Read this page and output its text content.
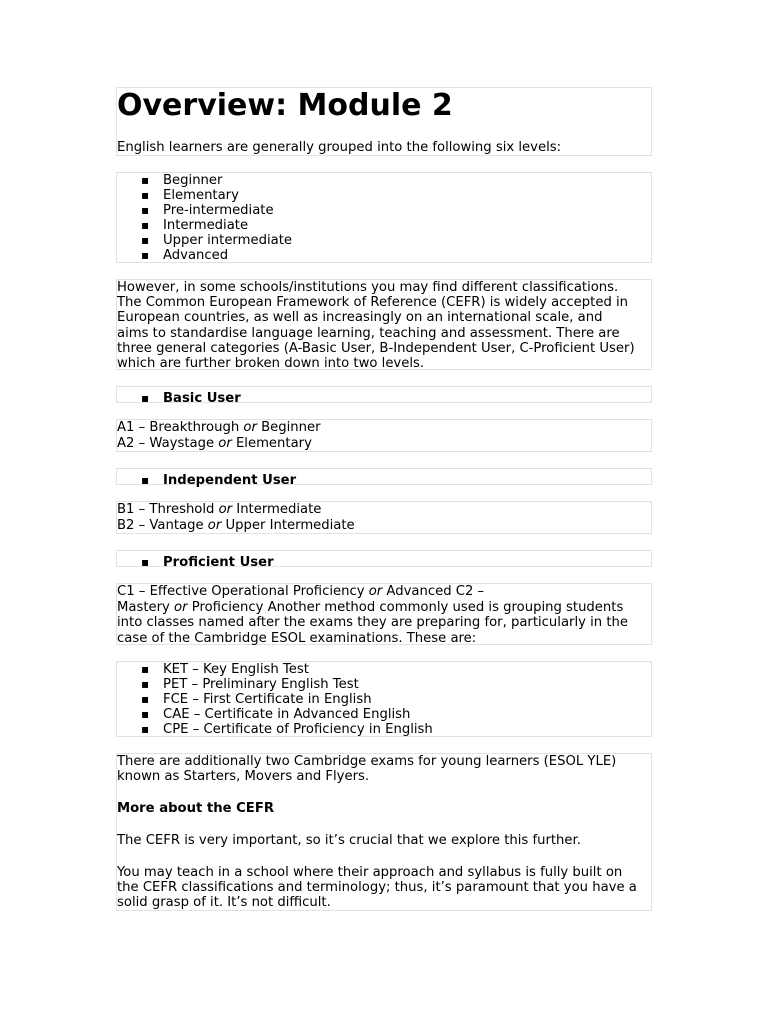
Overview: Module 2
English learners are generally grouped into the following six levels:
▪ Beginner
▪ Elementary
▪ Pre-intermediate
▪ Intermediate
▪ Upper intermediate
▪ Advanced
However, in some schools/institutions you may find different classifications.
The Common European Framework of Reference (CEFR) is widely accepted in
European countries, as well as increasingly on an international scale, and
aims to standardise language learning, teaching and assessment. There are
three general categories (A-Basic User, B-Independent User, C-Proficient User)
which are further broken down into two levels.
▪ Basic User
A1 – Breakthrough or Beginner
A2 – Waystage or Elementary
▪ Independent User
B1 – Threshold or Intermediate
B2 – Vantage or Upper Intermediate
▪ Proficient User
C1 – Effective Operational Proficiency or Advanced C2 –
Mastery or Proficiency Another method commonly used is grouping students
into classes named after the exams they are preparing for, particularly in the
case of the Cambridge ESOL examinations. These are:
▪ KET – Key English Test
▪ PET – Preliminary English Test
▪ FCE – First Certificate in English
▪ CAE – Certificate in Advanced English
▪ CPE – Certificate of Proficiency in English
There are additionally two Cambridge exams for young learners (ESOL YLE)
known as Starters, Movers and Flyers.
More about the CEFR
The CEFR is very important, so it’s crucial that we explore this further.
You may teach in a school where their approach and syllabus is fully built on
the CEFR classifications and terminology; thus, it’s paramount that you have a
solid grasp of it. It’s not difficult.
